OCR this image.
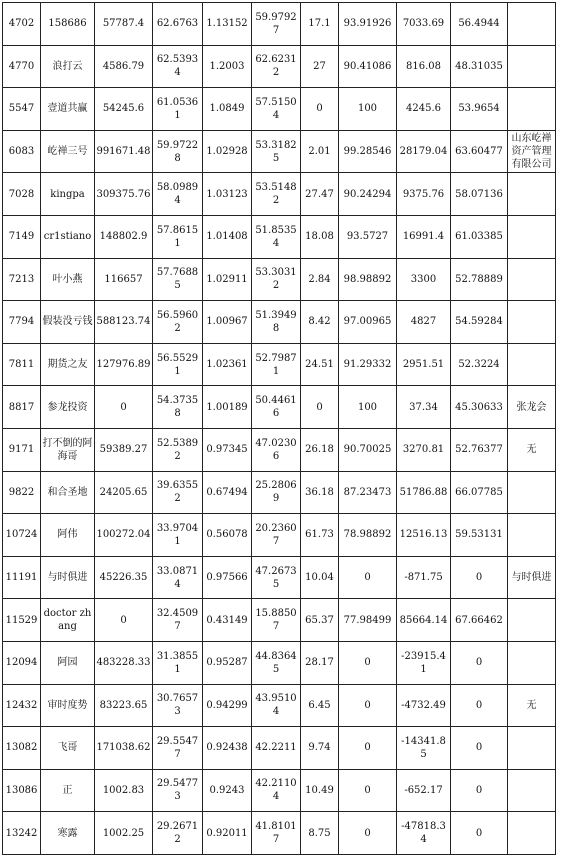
4702	158686	57787.4	62.6763	1.13152	59.97927	17.1	93.91926	7033.69	56.4944	
4770	浪打云	4586.79	62.53934	1.2003	62.62312	27	90.41086	816.08	48.31035	
5547	壹道共赢	54245.6	61.05361	1.0849	57.51504	0	100	4245.6	53.9654	
6083	屹禅三号	991671.48	59.97228	1.02928	53.31825	2.01	99.28546	28179.04	63.60477	山东屹禅资产管理有限公司
7028	kingpa	309375.76	58.09894	1.03123	53.51482	27.47	90.24294	9375.76	58.07136	
7149	cr1stiano	148802.9	57.86151	1.01408	51.85354	18.08	93.5727	16991.4	61.03385	
7213	叶小燕	116657	57.76885	1.02911	53.30312	2.84	98.98892	3300	52.78889	
7794	假装没亏钱	588123.74	56.59602	1.00967	51.39498	8.42	97.00965	4827	54.59284	
7811	期货之友	127976.89	56.55291	1.02361	52.79871	24.51	91.29332	2951.51	52.3224	
8817	参龙投资	0	54.37358	1.00189	50.44616	0	100	37.34	45.30633	张龙会
9171	打不倒的阿海哥	59389.27	52.53892	0.97345	47.02306	26.18	90.70025	3270.81	52.76377	无
9822	和合圣地	24205.65	39.63552	0.67494	25.28069	36.18	87.23473	51786.88	66.07785	
10724	阿伟	100272.04	33.97041	0.56078	20.23607	61.73	78.98892	12516.13	59.53131	
11191	与时俱进	45226.35	33.08714	0.97566	47.26735	10.04	0	-871.75	0	与时俱进
11529	doctor zhang	0	32.45097	0.43149	15.88507	65.37	77.98499	85664.14	67.66462	
12094	阿园	483228.33	31.38551	0.95287	44.83645	28.17	0	-23915.41	0	
12432	审时度势	83223.65	30.76573	0.94299	43.95104	6.45	0	-4732.49	0	无
13082	飞哥	171038.62	29.55477	0.92438	42.2211	9.74	0	-14341.85	0	
13086	正	1002.83	29.54773	0.9243	42.21104	10.49	0	-652.17	0	
13242	寒露	1002.25	29.26712	0.92011	41.81017	8.75	0	-47818.34	0	
